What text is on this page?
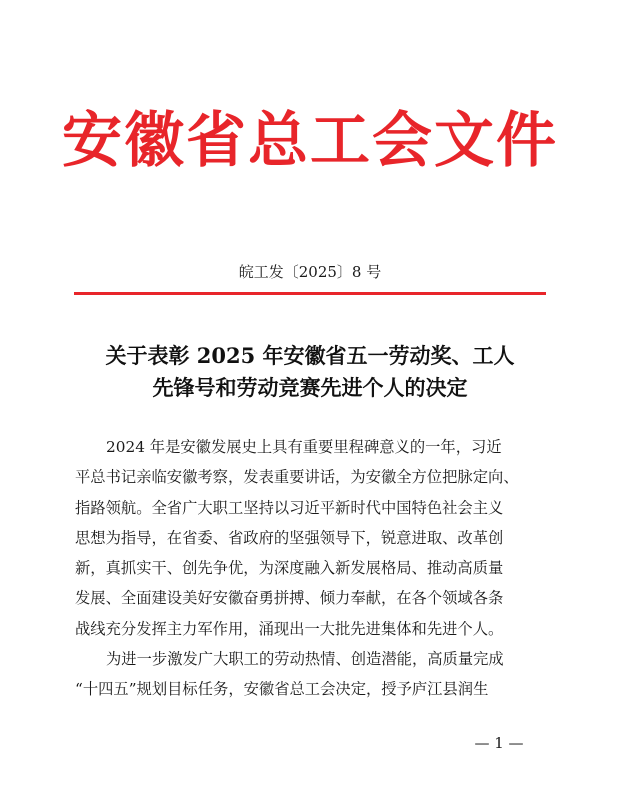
安徽省总工会文件
皖工发〔2025〕8 号
关于表彰 2025 年安徽省五一劳动奖、工人
先锋号和劳动竞赛先进个人的决定
2024 年是安徽发展史上具有重要里程碑意义的一年，习近
平总书记亲临安徽考察，发表重要讲话，为安徽全方位把脉定向、
指路领航。全省广大职工坚持以习近平新时代中国特色社会主义
思想为指导，在省委、省政府的坚强领导下，锐意进取、改革创
新，真抓实干、创先争优，为深度融入新发展格局、推动高质量
发展、全面建设美好安徽奋勇拼搏、倾力奉献，在各个领域各条
战线充分发挥主力军作用，涌现出一大批先进集体和先进个人。
为进一步激发广大职工的劳动热情、创造潜能，高质量完成
“十四五”规划目标任务，安徽省总工会决定，授予庐江县润生
— 1 —
